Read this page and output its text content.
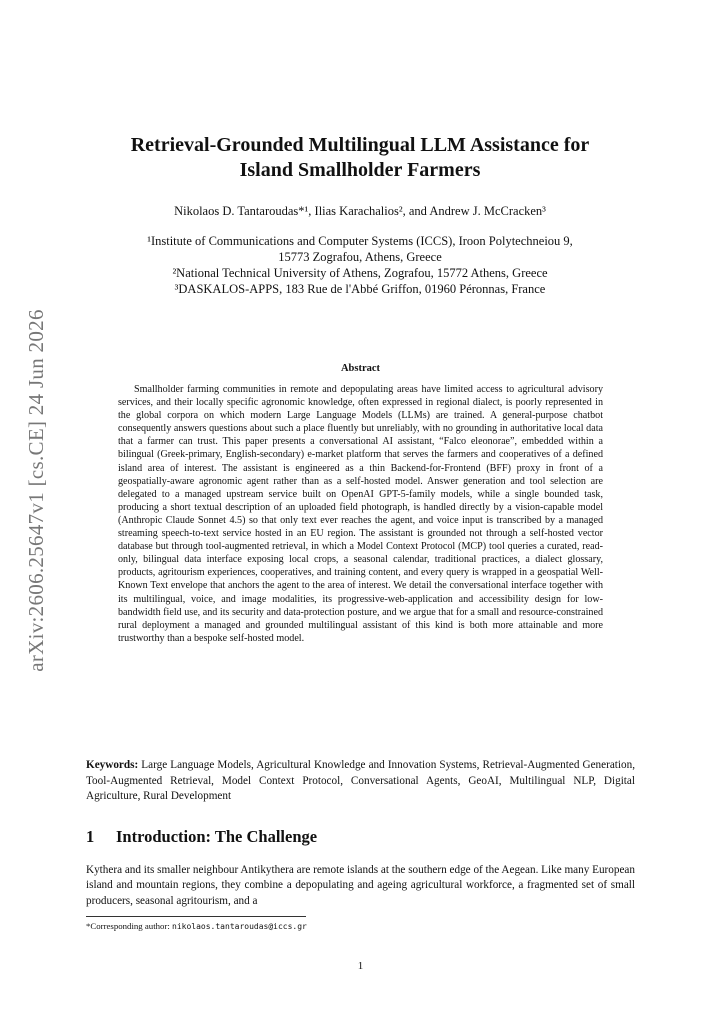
arXiv:2606.25647v1 [cs.CE] 24 Jun 2026
Retrieval-Grounded Multilingual LLM Assistance for
Island Smallholder Farmers
Nikolaos D. Tantaroudas*¹, Ilias Karachalios², and Andrew J. McCracken³
¹Institute of Communications and Computer Systems (ICCS), Iroon Polytechneiou 9,
15773 Zografou, Athens, Greece
²National Technical University of Athens, Zografou, 15772 Athens, Greece
³DASKALOS-APPS, 183 Rue de l'Abbé Griffon, 01960 Péronnas, France
Abstract

Smallholder farming communities in remote and depopulating areas have limited access to agricultural advisory services, and their locally specific agronomic knowledge, often expressed in regional dialect, is poorly represented in the global corpora on which modern Large Language Models (LLMs) are trained. A general-purpose chatbot consequently answers questions about such a place fluently but unreliably, with no grounding in authoritative local data that a farmer can trust. This paper presents a conversational AI assistant, “Falco eleonorae”, embedded within a bilingual (Greek-primary, English-secondary) e-market platform that serves the farmers and cooperatives of a defined island area of interest. The assistant is engineered as a thin Backend-for-Frontend (BFF) proxy in front of a geospatially-aware agronomic agent rather than as a self-hosted model. Answer generation and tool selection are delegated to a managed upstream service built on OpenAI GPT-5-family models, while a single bounded task, producing a short textual description of an uploaded field photograph, is handled directly by a vision-capable model (Anthropic Claude Sonnet 4.5) so that only text ever reaches the agent, and voice input is transcribed by a managed streaming speech-to-text service hosted in an EU region. The assistant is grounded not through a self-hosted vector database but through tool-augmented retrieval, in which a Model Context Protocol (MCP) tool queries a curated, read-only, bilingual data interface exposing local crops, a seasonal calendar, traditional practices, a dialect glossary, products, agritourism experiences, cooperatives, and training content, and every query is wrapped in a geospatial Well-Known Text envelope that anchors the agent to the area of interest. We detail the conversational interface together with its multilingual, voice, and image modalities, its progressive-web-application and accessibility design for low-bandwidth field use, and its security and data-protection posture, and we argue that for a small and resource-constrained rural deployment a managed and grounded multilingual assistant of this kind is both more attainable and more trustworthy than a bespoke self-hosted model.

Keywords: Large Language Models, Agricultural Knowledge and Innovation Systems, Retrieval-Augmented Generation, Tool-Augmented Retrieval, Model Context Protocol, Conversational Agents, GeoAI, Multilingual NLP, Digital Agriculture, Rural Development

1 Introduction: The Challenge

Kythera and its smaller neighbour Antikythera are remote islands at the southern edge of the Aegean. Like many European island and mountain regions, they combine a depopulating and ageing agricultural workforce, a fragmented set of small producers, seasonal agritourism, and a

*Corresponding author: nikolaos.tantaroudas@iccs.gr
1
